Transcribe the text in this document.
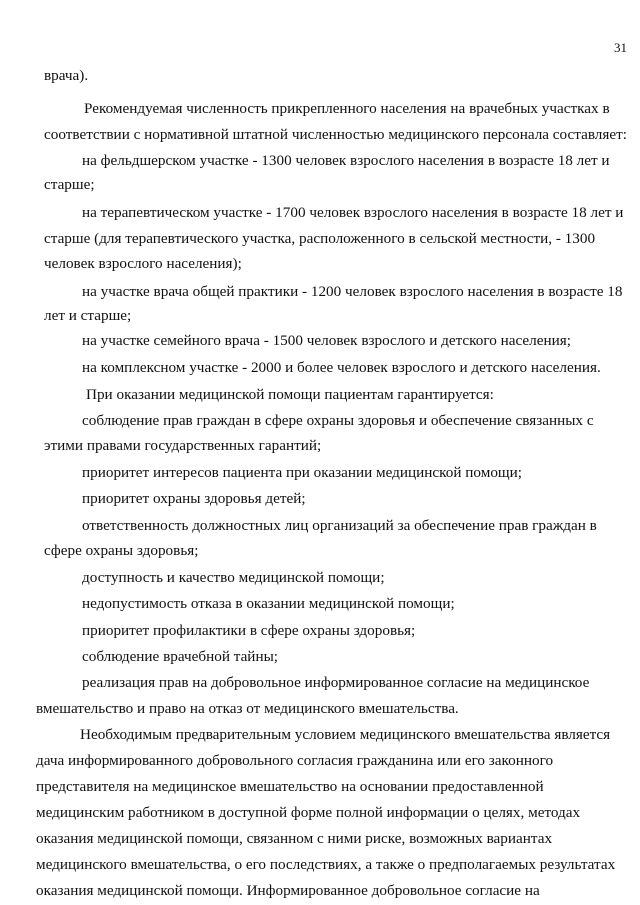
31
врача).
Рекомендуемая численность прикрепленного населения на врачебных участках в
соответствии с нормативной штатной численностью медицинского персонала составляет:
на фельдшерском участке - 1300 человек взрослого населения в возрасте 18 лет и
старше;
на терапевтическом участке - 1700 человек взрослого населения в возрасте 18 лет и
старше (для терапевтического участка, расположенного в сельской местности, - 1300
человек взрослого населения);
на участке врача общей практики - 1200 человек взрослого населения в возрасте 18
лет и старше;
на участке семейного врача - 1500 человек взрослого и детского населения;
на комплексном участке - 2000 и более человек взрослого и детского населения.
При оказании медицинской помощи пациентам гарантируется:
соблюдение прав граждан в сфере охраны здоровья и обеспечение связанных с
этими правами государственных гарантий;
приоритет интересов пациента при оказании медицинской помощи;
приоритет охраны здоровья детей;
ответственность должностных лиц организаций за обеспечение прав граждан в
сфере охраны здоровья;
доступность и качество медицинской помощи;
недопустимость отказа в оказании медицинской помощи;
приоритет профилактики в сфере охраны здоровья;
соблюдение врачебной тайны;
реализация прав на добровольное информированное согласие на медицинское
вмешательство и право на отказ от медицинского вмешательства.
Необходимым предварительным условием медицинского вмешательства является
дача информированного добровольного согласия гражданина или его законного
представителя на медицинское вмешательство на основании предоставленной
медицинским работником в доступной форме полной информации о целях, методах
оказания медицинской помощи, связанном с ними риске, возможных вариантах
медицинского вмешательства, о его последствиях, а также о предполагаемых результатах
оказания медицинской помощи. Информированное добровольное согласие на
